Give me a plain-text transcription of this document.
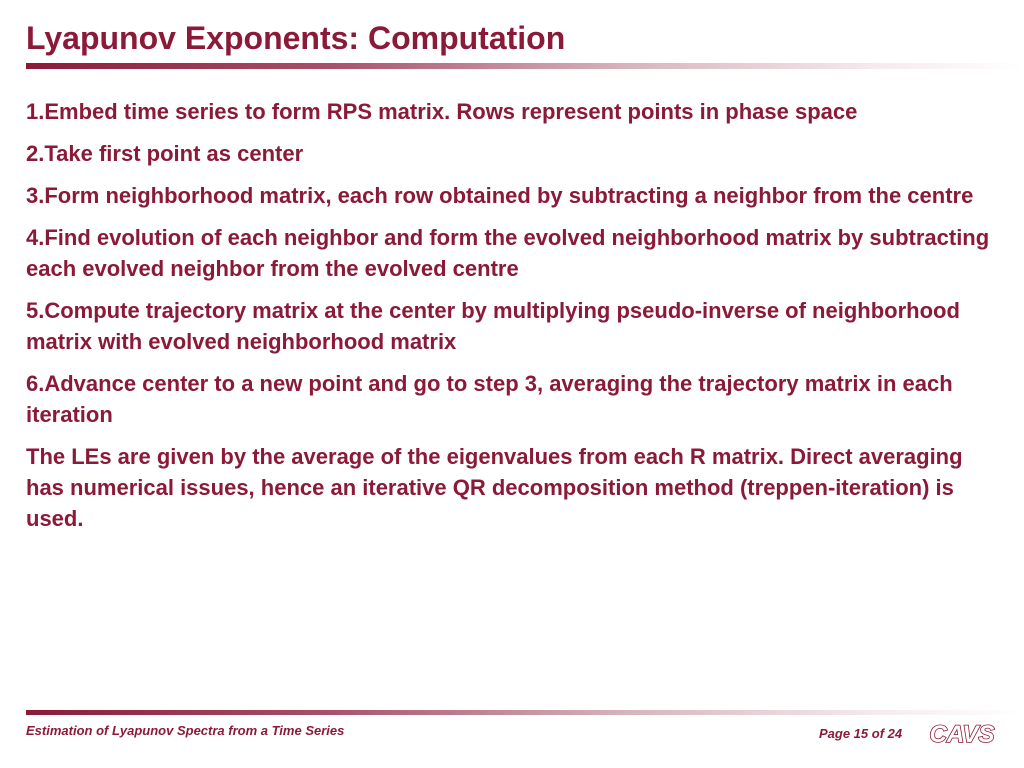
Lyapunov Exponents: Computation

1.Embed time series to form RPS matrix. Rows represent points in phase space

2.Take first point as center

3.Form neighborhood matrix, each row obtained by subtracting a neighbor from the centre

4.Find evolution of each neighbor and form the evolved neighborhood matrix by subtracting each evolved neighbor from the evolved centre

5.Compute trajectory matrix at the center by multiplying pseudo-inverse of neighborhood matrix with evolved neighborhood matrix

6.Advance center to a new point and go to step 3, averaging the trajectory matrix in each iteration

The LEs are given by the average of the eigenvalues from each R matrix. Direct averaging has numerical issues, hence an iterative QR decomposition method (treppen-iteration) is used.

Estimation of Lyapunov Spectra from a Time Series	Page 15 of 24 CAVS
